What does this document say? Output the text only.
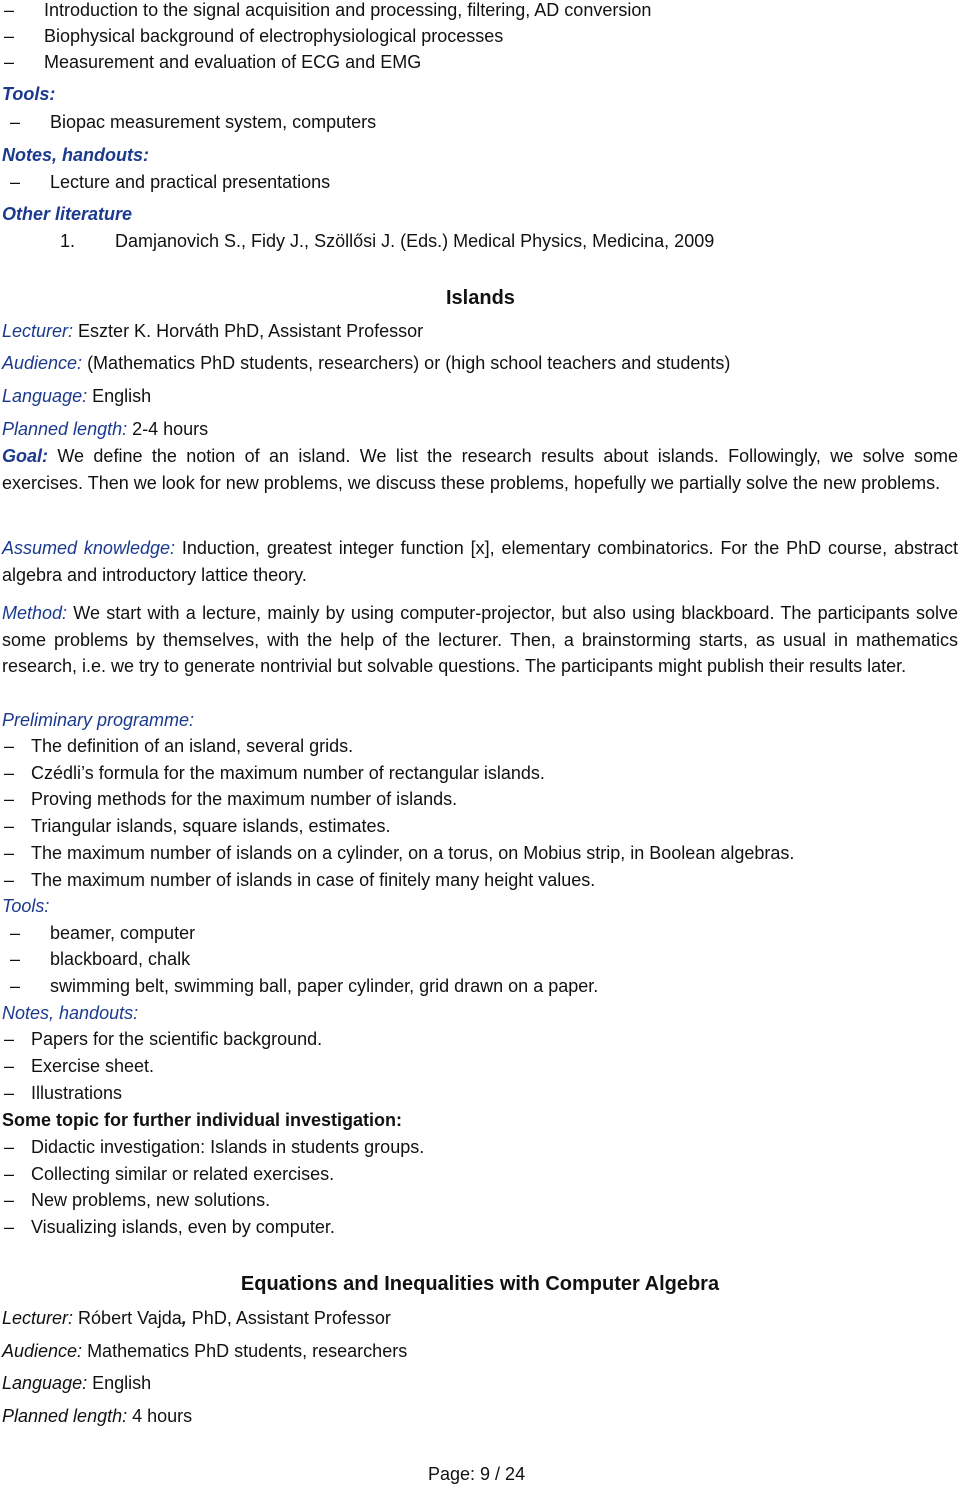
– Introduction to the signal acquisition and processing, filtering, AD conversion
– Biophysical background of electrophysiological processes
– Measurement and evaluation of ECG and EMG
Tools:
– Biopac measurement system, computers
Notes, handouts:
– Lecture and practical presentations
Other literature
1. Damjanovich S., Fidy J., Szöllősi J. (Eds.) Medical Physics, Medicina, 2009
Islands
Lecturer: Eszter K. Horváth PhD, Assistant Professor
Audience: (Mathematics PhD students, researchers) or (high school teachers and students)
Language: English
Planned length: 2-4 hours
Goal: We define the notion of an island. We list the research results about islands. Followingly, we solve some exercises. Then we look for new problems, we discuss these problems, hopefully we partially solve the new problems.
Assumed knowledge: Induction, greatest integer function [x], elementary combinatorics. For the PhD course, abstract algebra and introductory lattice theory.
Method: We start with a lecture, mainly by using computer-projector, but also using blackboard. The participants solve some problems by themselves, with the help of the lecturer. Then, a brainstorming starts, as usual in mathematics research, i.e. we try to generate nontrivial but solvable questions. The participants might publish their results later.
Preliminary programme:
– The definition of an island, several grids.
– Czédli’s formula for the maximum number of rectangular islands.
– Proving methods for the maximum number of islands.
– Triangular islands, square islands, estimates.
– The maximum number of islands on a cylinder, on a torus, on Mobius strip, in Boolean algebras.
– The maximum number of islands in case of finitely many height values.
Tools:
– beamer, computer
– blackboard, chalk
– swimming belt, swimming ball, paper cylinder, grid drawn on a paper.
Notes, handouts:
– Papers for the scientific background.
– Exercise sheet.
– Illustrations
Some topic for further individual investigation:
– Didactic investigation: Islands in students groups.
– Collecting similar or related exercises.
– New problems, new solutions.
– Visualizing islands, even by computer.
Equations and Inequalities with Computer Algebra
Lecturer: Róbert Vajda, PhD, Assistant Professor
Audience: Mathematics PhD students, researchers
Language: English
Planned length: 4 hours
Page: 9 / 24
